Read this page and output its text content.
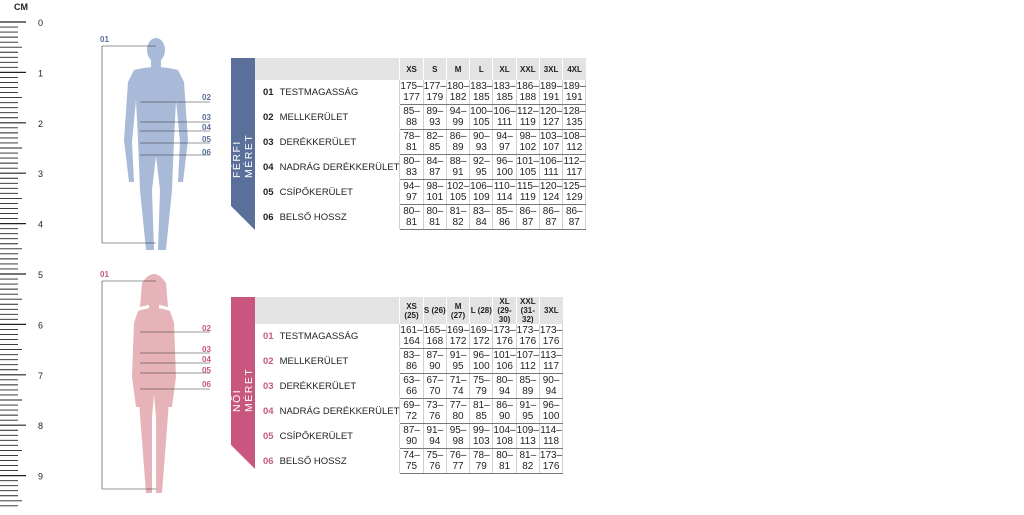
CM
0
1
2
3
4
5
6
7
8
9
01
02
03
04
05
06
01
02
03
04
05
06
FÉRFI MÉRET
	XS	S	M	L	XL	XXL	3XL	4XL
01 TESTMAGASSÁG	175–177	177–179	180–182	183–185	183–185	186–188	189–191	189–191
02 MELLKERÜLET	85–88	89–93	94–99	100–105	106–111	112–119	120–127	128–135
03 DERÉKKERÜLET	78–81	82–85	86–89	90–93	94–97	98–102	103–107	108–112
04 NADRÁG DERÉKKERÜLET	80–83	84–87	88–91	92–95	96–100	101–105	106–111	112–117
05 CSÍPŐKERÜLET	94–97	98–101	102–105	106–109	110–114	115–119	120–124	125–129
06 BELSŐ HOSSZ	80–81	80–81	81–82	83–84	85–86	86–87	86–87	86–87
NŐI MÉRET
	XS (25)	S (26)	M (27)	L (28)	XL (29-30)	XXL (31-32)	3XL
01 TESTMAGASSÁG	161–164	165–168	169–172	169–172	173–176	173–176	173–176
02 MELLKERÜLET	83–86	87–90	91–95	96–100	101–106	107–112	113–117
03 DERÉKKERÜLET	63–66	67–70	71–74	75–79	80–94	85–89	90–94
04 NADRÁG DERÉKKERÜLET	69–72	73–76	77–80	81–85	86–90	91–95	96–100
05 CSÍPŐKERÜLET	87–90	91–94	95–98	99–103	104–108	109–113	114–118
06 BELSŐ HOSSZ	74–75	75–76	76–77	78–79	80–81	81–82	173–176
